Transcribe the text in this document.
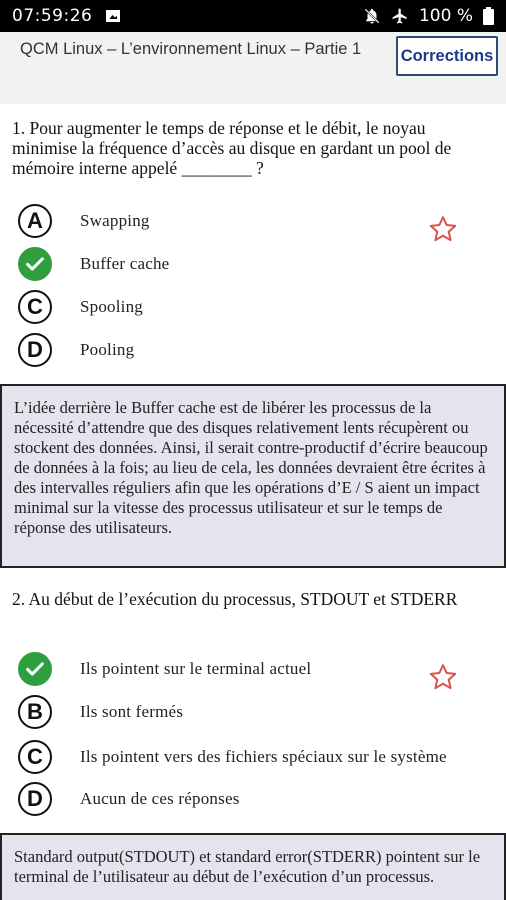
07:59:26	100 %
QCM Linux – L’environnement Linux – Partie 1 Corrections
1. Pour augmenter le temps de réponse et le débit, le noyau minimise la fréquence d’accès au disque en gardant un pool de mémoire interne appelé ________ ?
A	Swapping
Buffer cache
C	Spooling
D	Pooling
L’idée derrière le Buffer cache est de libérer les processus de la nécessité d’attendre que des disques relativement lents récupèrent ou stockent des données. Ainsi, il serait contre-productif d’écrire beaucoup de données à la fois; au lieu de cela, les données devraient être écrites à des intervalles réguliers afin que les opérations d’E / S aient un impact minimal sur la vitesse des processus utilisateur et sur le temps de réponse des utilisateurs.
2. Au début de l’exécution du processus, STDOUT et STDERR
Ils pointent sur le terminal actuel
B	Ils sont fermés
C	Ils pointent vers des fichiers spéciaux sur le système
D	Aucun de ces réponses
Standard output(STDOUT) et standard error(STDERR) pointent sur le terminal de l’utilisateur au début de l’exécution d’un processus.
